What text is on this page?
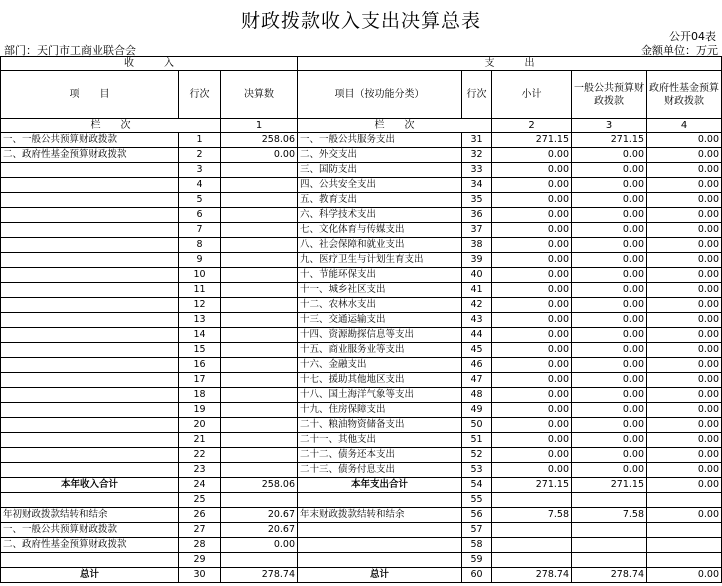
财政拨款收入支出决算总表
公开04表
部门：天门市工商业联合会	金额单位：万元
收　　　入			支　　　出				
项　　目	行次	决算数	项目（按功能分类）	行次	小计	一般公共预算财政拨款	政府性基金预算财政拨款
栏　　次		1	栏　　次		2	3	4
一、一般公共预算财政拨款	1	258.06	一、一般公共服务支出	31	271.15	271.15	0.00
二、政府性基金预算财政拨款	2	0.00	二、外交支出	32	0.00	0.00	0.00
	3		三、国防支出	33	0.00	0.00	0.00
	4		四、公共安全支出	34	0.00	0.00	0.00
	5		五、教育支出	35	0.00	0.00	0.00
	6		六、科学技术支出	36	0.00	0.00	0.00
	7		七、文化体育与传媒支出	37	0.00	0.00	0.00
	8		八、社会保障和就业支出	38	0.00	0.00	0.00
	9		九、医疗卫生与计划生育支出	39	0.00	0.00	0.00
	10		十、节能环保支出	40	0.00	0.00	0.00
	11		十一、城乡社区支出	41	0.00	0.00	0.00
	12		十二、农林水支出	42	0.00	0.00	0.00
	13		十三、交通运输支出	43	0.00	0.00	0.00
	14		十四、资源勘探信息等支出	44	0.00	0.00	0.00
	15		十五、商业服务业等支出	45	0.00	0.00	0.00
	16		十六、金融支出	46	0.00	0.00	0.00
	17		十七、援助其他地区支出	47	0.00	0.00	0.00
	18		十八、国土海洋气象等支出	48	0.00	0.00	0.00
	19		十九、住房保障支出	49	0.00	0.00	0.00
	20		二十、粮油物资储备支出	50	0.00	0.00	0.00
	21		二十一、其他支出	51	0.00	0.00	0.00
	22		二十二、债务还本支出	52	0.00	0.00	0.00
	23		二十三、债务付息支出	53	0.00	0.00	0.00
本年收入合计	24	258.06	本年支出合计	54	271.15	271.15	0.00
	25			55			
年初财政拨款结转和结余	26	20.67	年末财政拨款结转和结余	56	7.58	7.58	0.00
一、一般公共预算财政拨款	27	20.67		57			
二、政府性基金预算财政拨款	28	0.00		58			
	29			59			
总计	30	278.74	总计	60	278.74	278.74	0.00
